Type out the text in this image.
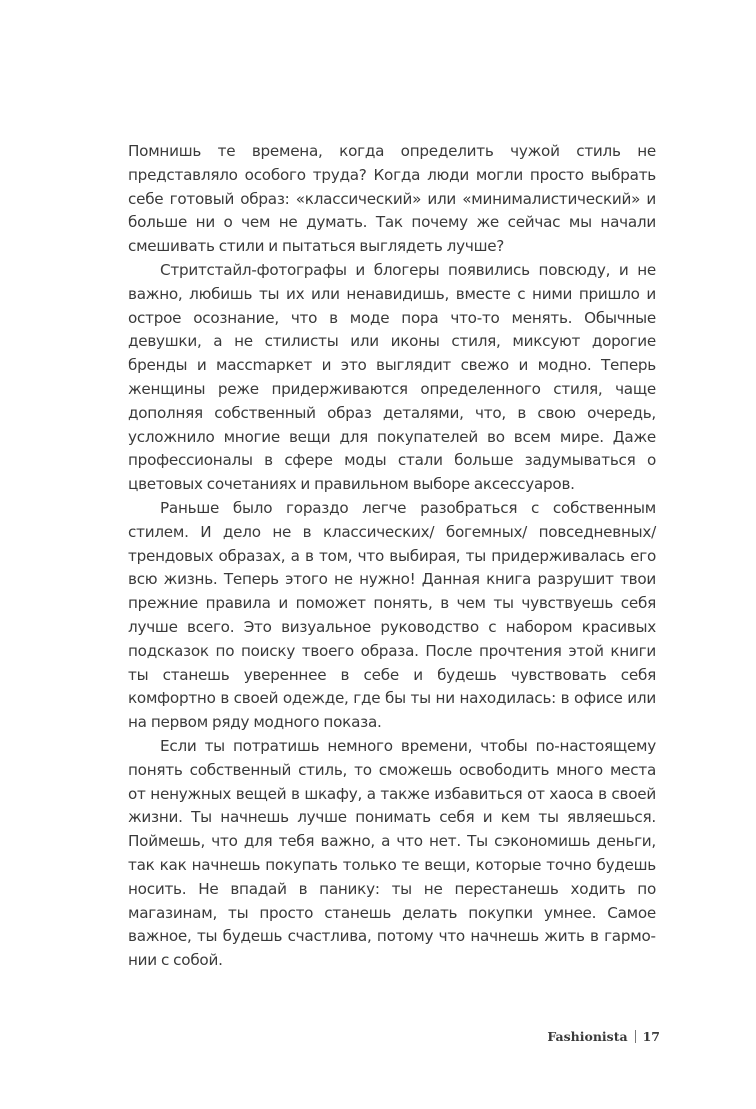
Помнишь те времена, когда определить чужой стиль не представляло особого труда? Когда люди могли просто выбрать себе готовый образ: «классический» или «минималистический» и больше ни о чем не думать. Так почему же сейчас мы начали смешивать стили и пытаться выглядеть лучше?

Стритстайл-фотографы и блогеры появились повсюду, и не важно, любишь ты их или ненавидишь, вместе с ними пришло и острое осознание, что в моде пора что-то менять. Обычные девушки, а не стилисты или иконы стиля, миксуют дорогие бренды и массmаркет и это выглядит свежо и модно. Теперь женщины реже придерживаются определенного стиля, чаще дополняя собственный образ деталями, что, в свою очередь, усложнило многие вещи для покупателей во всем мире. Даже профессионалы в сфере моды стали больше задумываться о цветовых сочетаниях и правильном выборе аксессуаров.

Раньше было гораздо легче разобраться с собственным стилем. И дело не в классических/ богемных/ повседневных/ трендовых образах, а в том, что выбирая, ты придерживалась его всю жизнь. Теперь этого не нужно! Данная книга разрушит твои прежние правила и поможет понять, в чем ты чувствуешь себя лучше всего. Это визуальное руководство с набором красивых подсказок по поиску твоего образа. После прочтения этой книги ты станешь увереннее в себе и будешь чувствовать себя комфортно в своей одежде, где бы ты ни находилась: в офисе или на первом ряду модного показа.

Если ты потратишь немного времени, чтобы по-настоящему понять собственный стиль, то сможешь освободить много места от ненужных вещей в шкафу, а также избавиться от хаоса в своей жизни. Ты начнешь лучше понимать себя и кем ты являешься. Поймешь, что для тебя важно, а что нет. Ты сэкономишь деньги, так как начнешь покупать только те вещи, которые точно будешь носить. Не впадай в панику: ты не перестанешь ходить по магазинам, ты просто станешь делать покупки умнее. Самое важное, ты будешь счастлива, потому что начнешь жить в гармонии с собой.

Fashionista 17
